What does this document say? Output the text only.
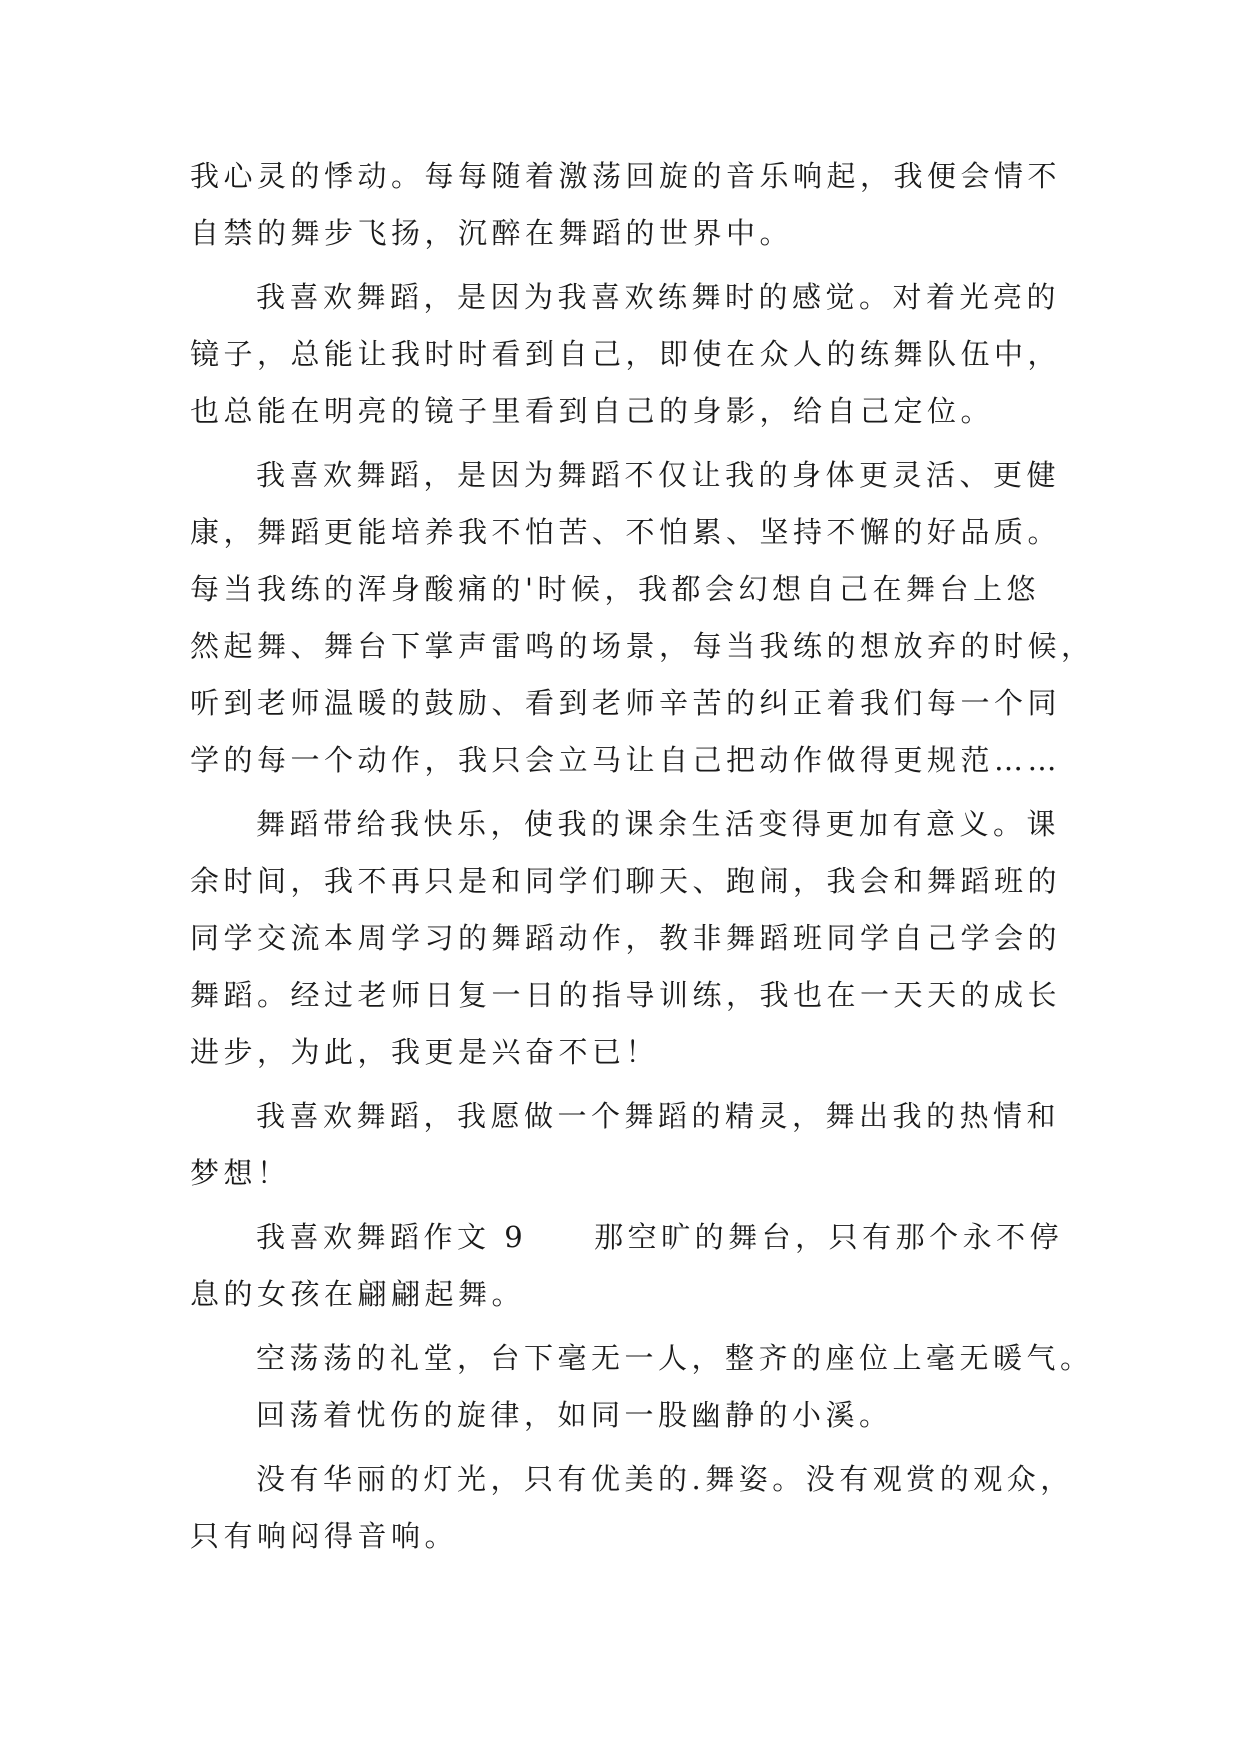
我心灵的悸动。每每随着激荡回旋的音乐响起，我便会情不
自禁的舞步飞扬，沉醉在舞蹈的世界中。
我喜欢舞蹈，是因为我喜欢练舞时的感觉。对着光亮的
镜子，总能让我时时看到自己，即使在众人的练舞队伍中，
也总能在明亮的镜子里看到自己的身影，给自己定位。
我喜欢舞蹈，是因为舞蹈不仅让我的身体更灵活、更健
康，舞蹈更能培养我不怕苦、不怕累、坚持不懈的好品质。
每当我练的浑身酸痛的'时候，我都会幻想自己在舞台上悠
然起舞、舞台下掌声雷鸣的场景，每当我练的想放弃的时候，
听到老师温暖的鼓励、看到老师辛苦的纠正着我们每一个同
学的每一个动作，我只会立马让自己把动作做得更规范……
舞蹈带给我快乐，使我的课余生活变得更加有意义。课
余时间，我不再只是和同学们聊天、跑闹，我会和舞蹈班的
同学交流本周学习的舞蹈动作，教非舞蹈班同学自己学会的
舞蹈。经过老师日复一日的指导训练，我也在一天天的成长
进步，为此，我更是兴奋不已！
我喜欢舞蹈，我愿做一个舞蹈的精灵，舞出我的热情和
梦想！
我喜欢舞蹈作文 9　　那空旷的舞台，只有那个永不停
息的女孩在翩翩起舞。
空荡荡的礼堂，台下毫无一人，整齐的座位上毫无暖气。
回荡着忧伤的旋律，如同一股幽静的小溪。
没有华丽的灯光，只有优美的.舞姿。没有观赏的观众，
只有响闷得音响。
